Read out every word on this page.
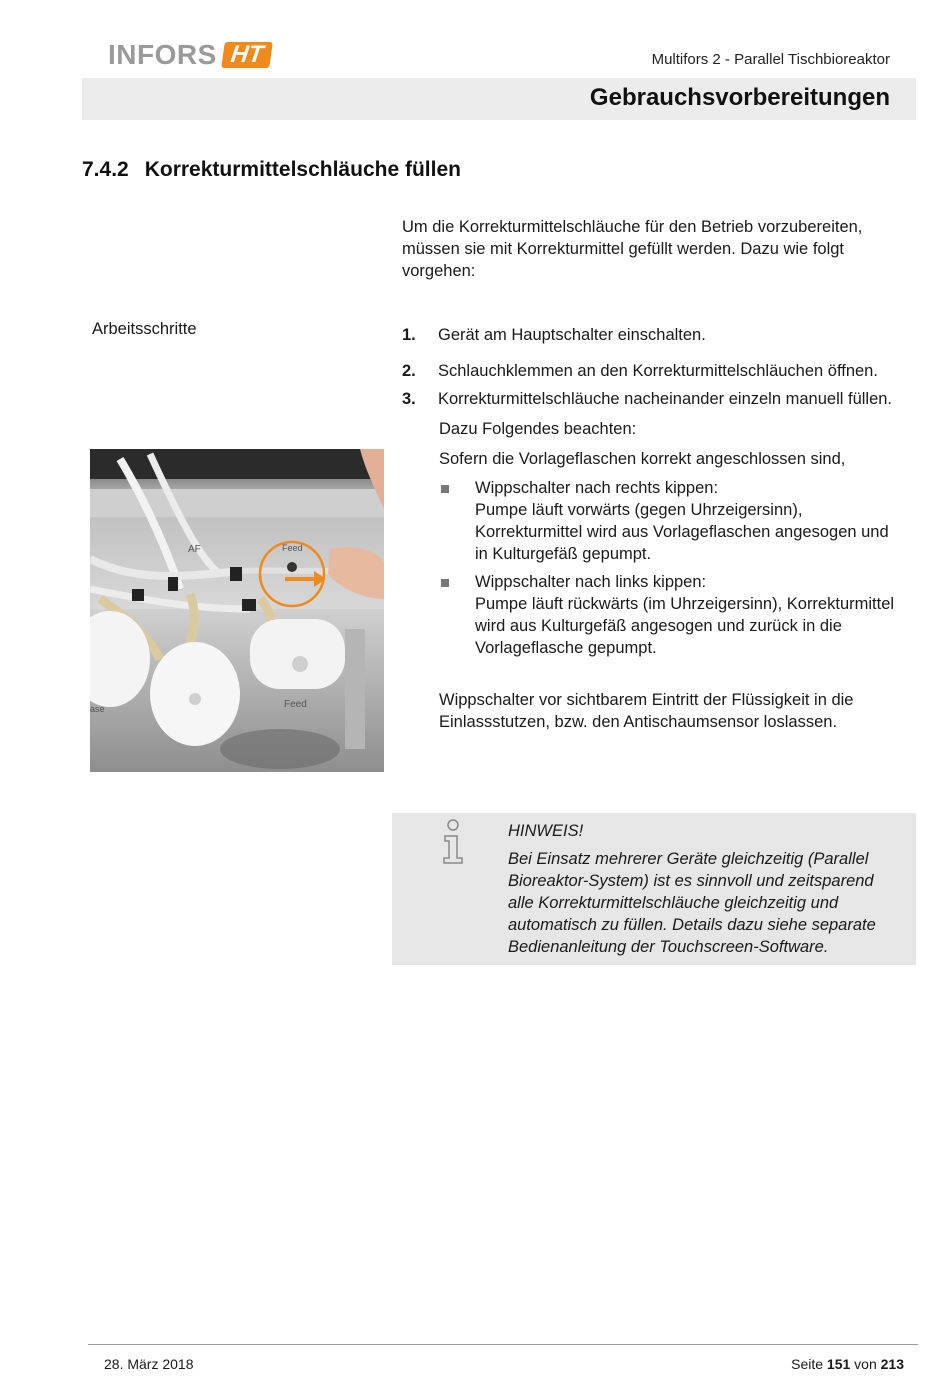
INFORS HT	Multifors 2 - Parallel Tischbioreaktor
Gebrauchsvorbereitungen
7.4.2 Korrekturmittelschläuche füllen
Um die Korrekturmittelschläuche für den Betrieb vorzubereiten, müssen sie mit Korrekturmittel gefüllt werden. Dazu wie folgt vorgehen:
Arbeitsschritte	1.	Gerät am Hauptschalter einschalten.
2.	Schlauchklemmen an den Korrekturmittelschläuchen öffnen.
3.	Korrekturmittelschläuche nacheinander einzeln manuell füllen.
Dazu Folgendes beachten:
Sofern die Vorlageflaschen korrekt angeschlossen sind,
Wippschalter nach rechts kippen:
Pumpe läuft vorwärts (gegen Uhrzeigersinn), Korrekturmittel wird aus Vorlageflaschen angesogen und in Kulturgefäß gepumpt.
Wippschalter nach links kippen:
Pumpe läuft rückwärts (im Uhrzeigersinn), Korrekturmittel wird aus Kulturgefäß angesogen und zurück in die Vorlageflasche gepumpt.
Wippschalter vor sichtbarem Eintritt der Flüssigkeit in die Einlassstutzen, bzw. den Antischaumsensor loslassen.
AF	Feed
ase	Feed
HINWEIS!
Bei Einsatz mehrerer Geräte gleichzeitig (Parallel Bioreaktor-System) ist es sinnvoll und zeitsparend alle Korrekturmittelschläuche gleichzeitig und automatisch zu füllen. Details dazu siehe separate Bedienanleitung der Touchscreen-Software.
28. März 2018	Seite 151 von 213
